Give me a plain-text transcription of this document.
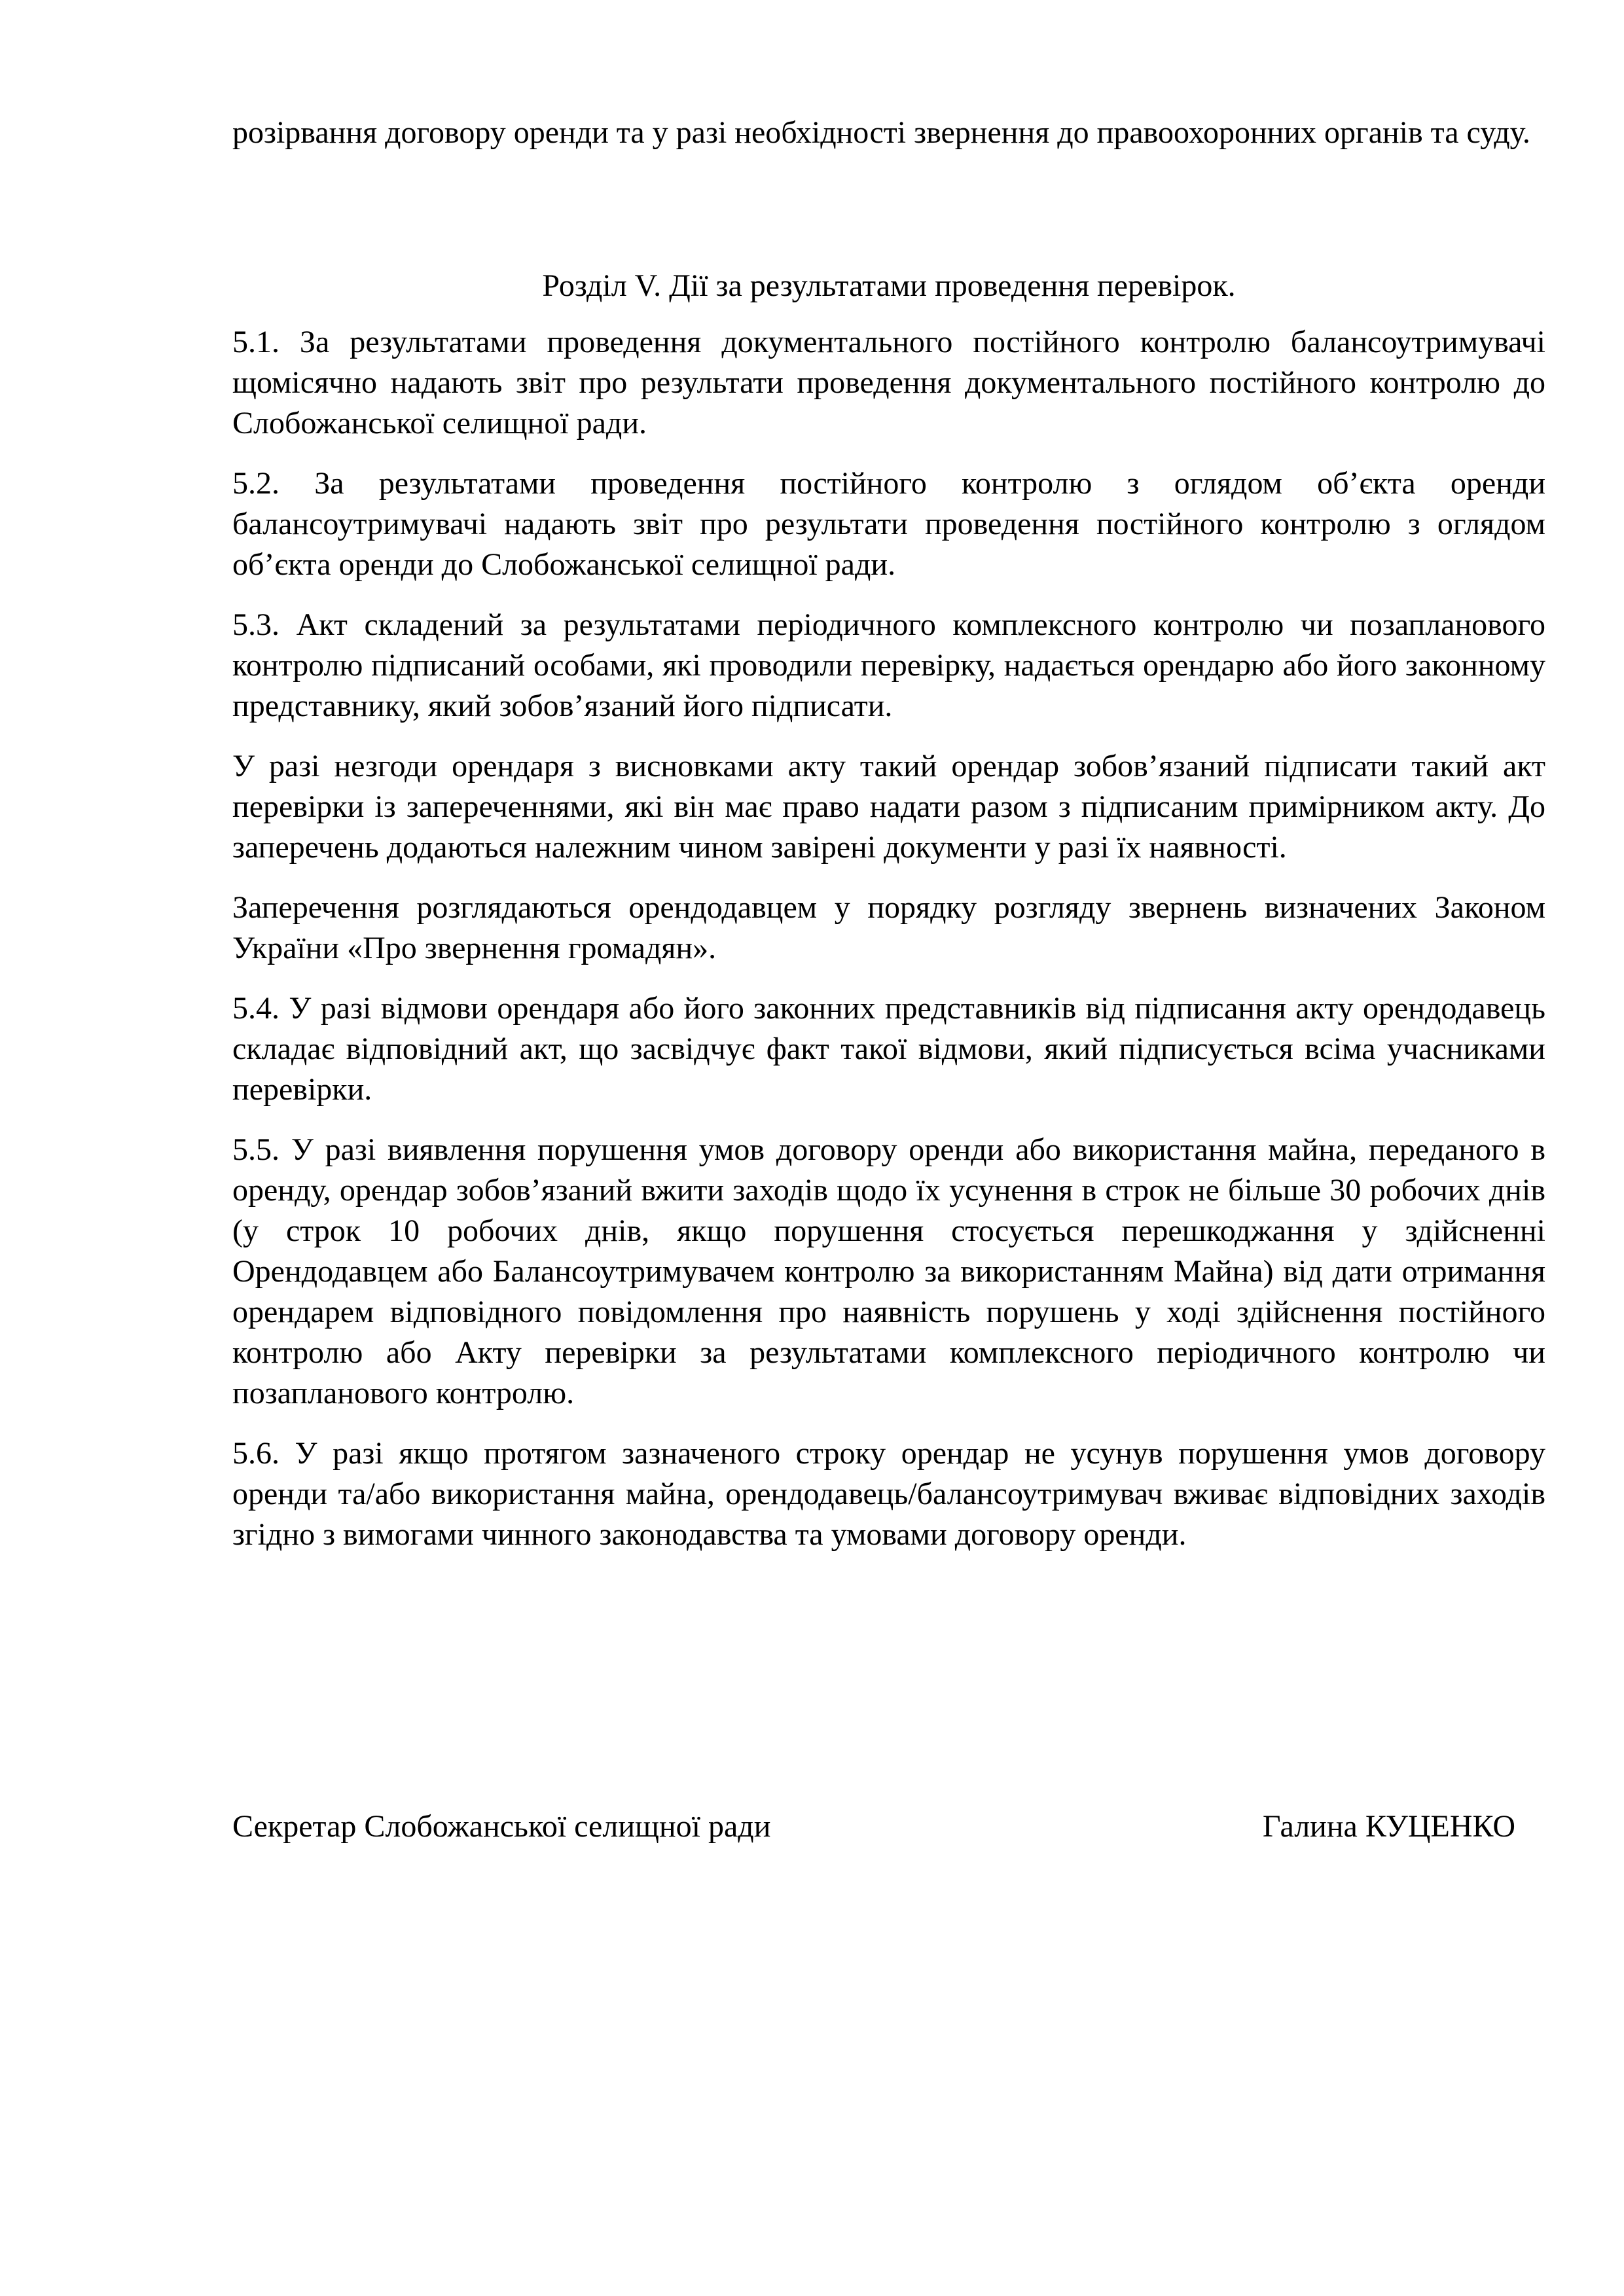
розірвання договору оренди та у разі необхідності звернення до правоохоронних органів та суду.

Розділ V. Дії за результатами проведення перевірок.

5.1. За результатами проведення документального постійного контролю балансоутримувачі щомісячно надають звіт про результати проведення документального постійного контролю до Слобожанської селищної ради.

5.2. За результатами проведення постійного контролю з оглядом об’єкта оренди балансоутримувачі надають звіт про результати проведення постійного контролю з оглядом об’єкта оренди до Слобожанської селищної ради.

5.3. Акт складений за результатами періодичного комплексного контролю чи позапланового контролю підписаний особами, які проводили перевірку, надається орендарю або його законному представнику, який зобов’язаний його підписати.

У разі незгоди орендаря з висновками акту такий орендар зобов’язаний підписати такий акт перевірки із запереченнями, які він має право надати разом з підписаним примірником акту. До заперечень додаються належним чином завірені документи у разі їх наявності.

Заперечення розглядаються орендодавцем у порядку розгляду звернень визначених Законом України «Про звернення громадян».

5.4. У разі відмови орендаря або його законних представників від підписання акту орендодавець складає відповідний акт, що засвідчує факт такої відмови, який підписується всіма учасниками перевірки.

5.5. У разі виявлення порушення умов договору оренди або використання майна, переданого в оренду, орендар зобов’язаний вжити заходів щодо їх усунення в строк не більше 30 робочих днів (у строк 10 робочих днів, якщо порушення стосується перешкоджання у здійсненні Орендодавцем або Балансоутримувачем контролю за використанням Майна) від дати отримання орендарем відповідного повідомлення про наявність порушень у ході здійснення постійного контролю або Акту перевірки за результатами комплексного періодичного контролю чи позапланового контролю.

5.6. У разі якщо протягом зазначеного строку орендар не усунув порушення умов договору оренди та/або використання майна, орендодавець/балансоутримувач вживає відповідних заходів згідно з вимогами чинного законодавства та умовами договору оренди.

Секретар Слобожанської селищної ради	Галина КУЦЕНКО
